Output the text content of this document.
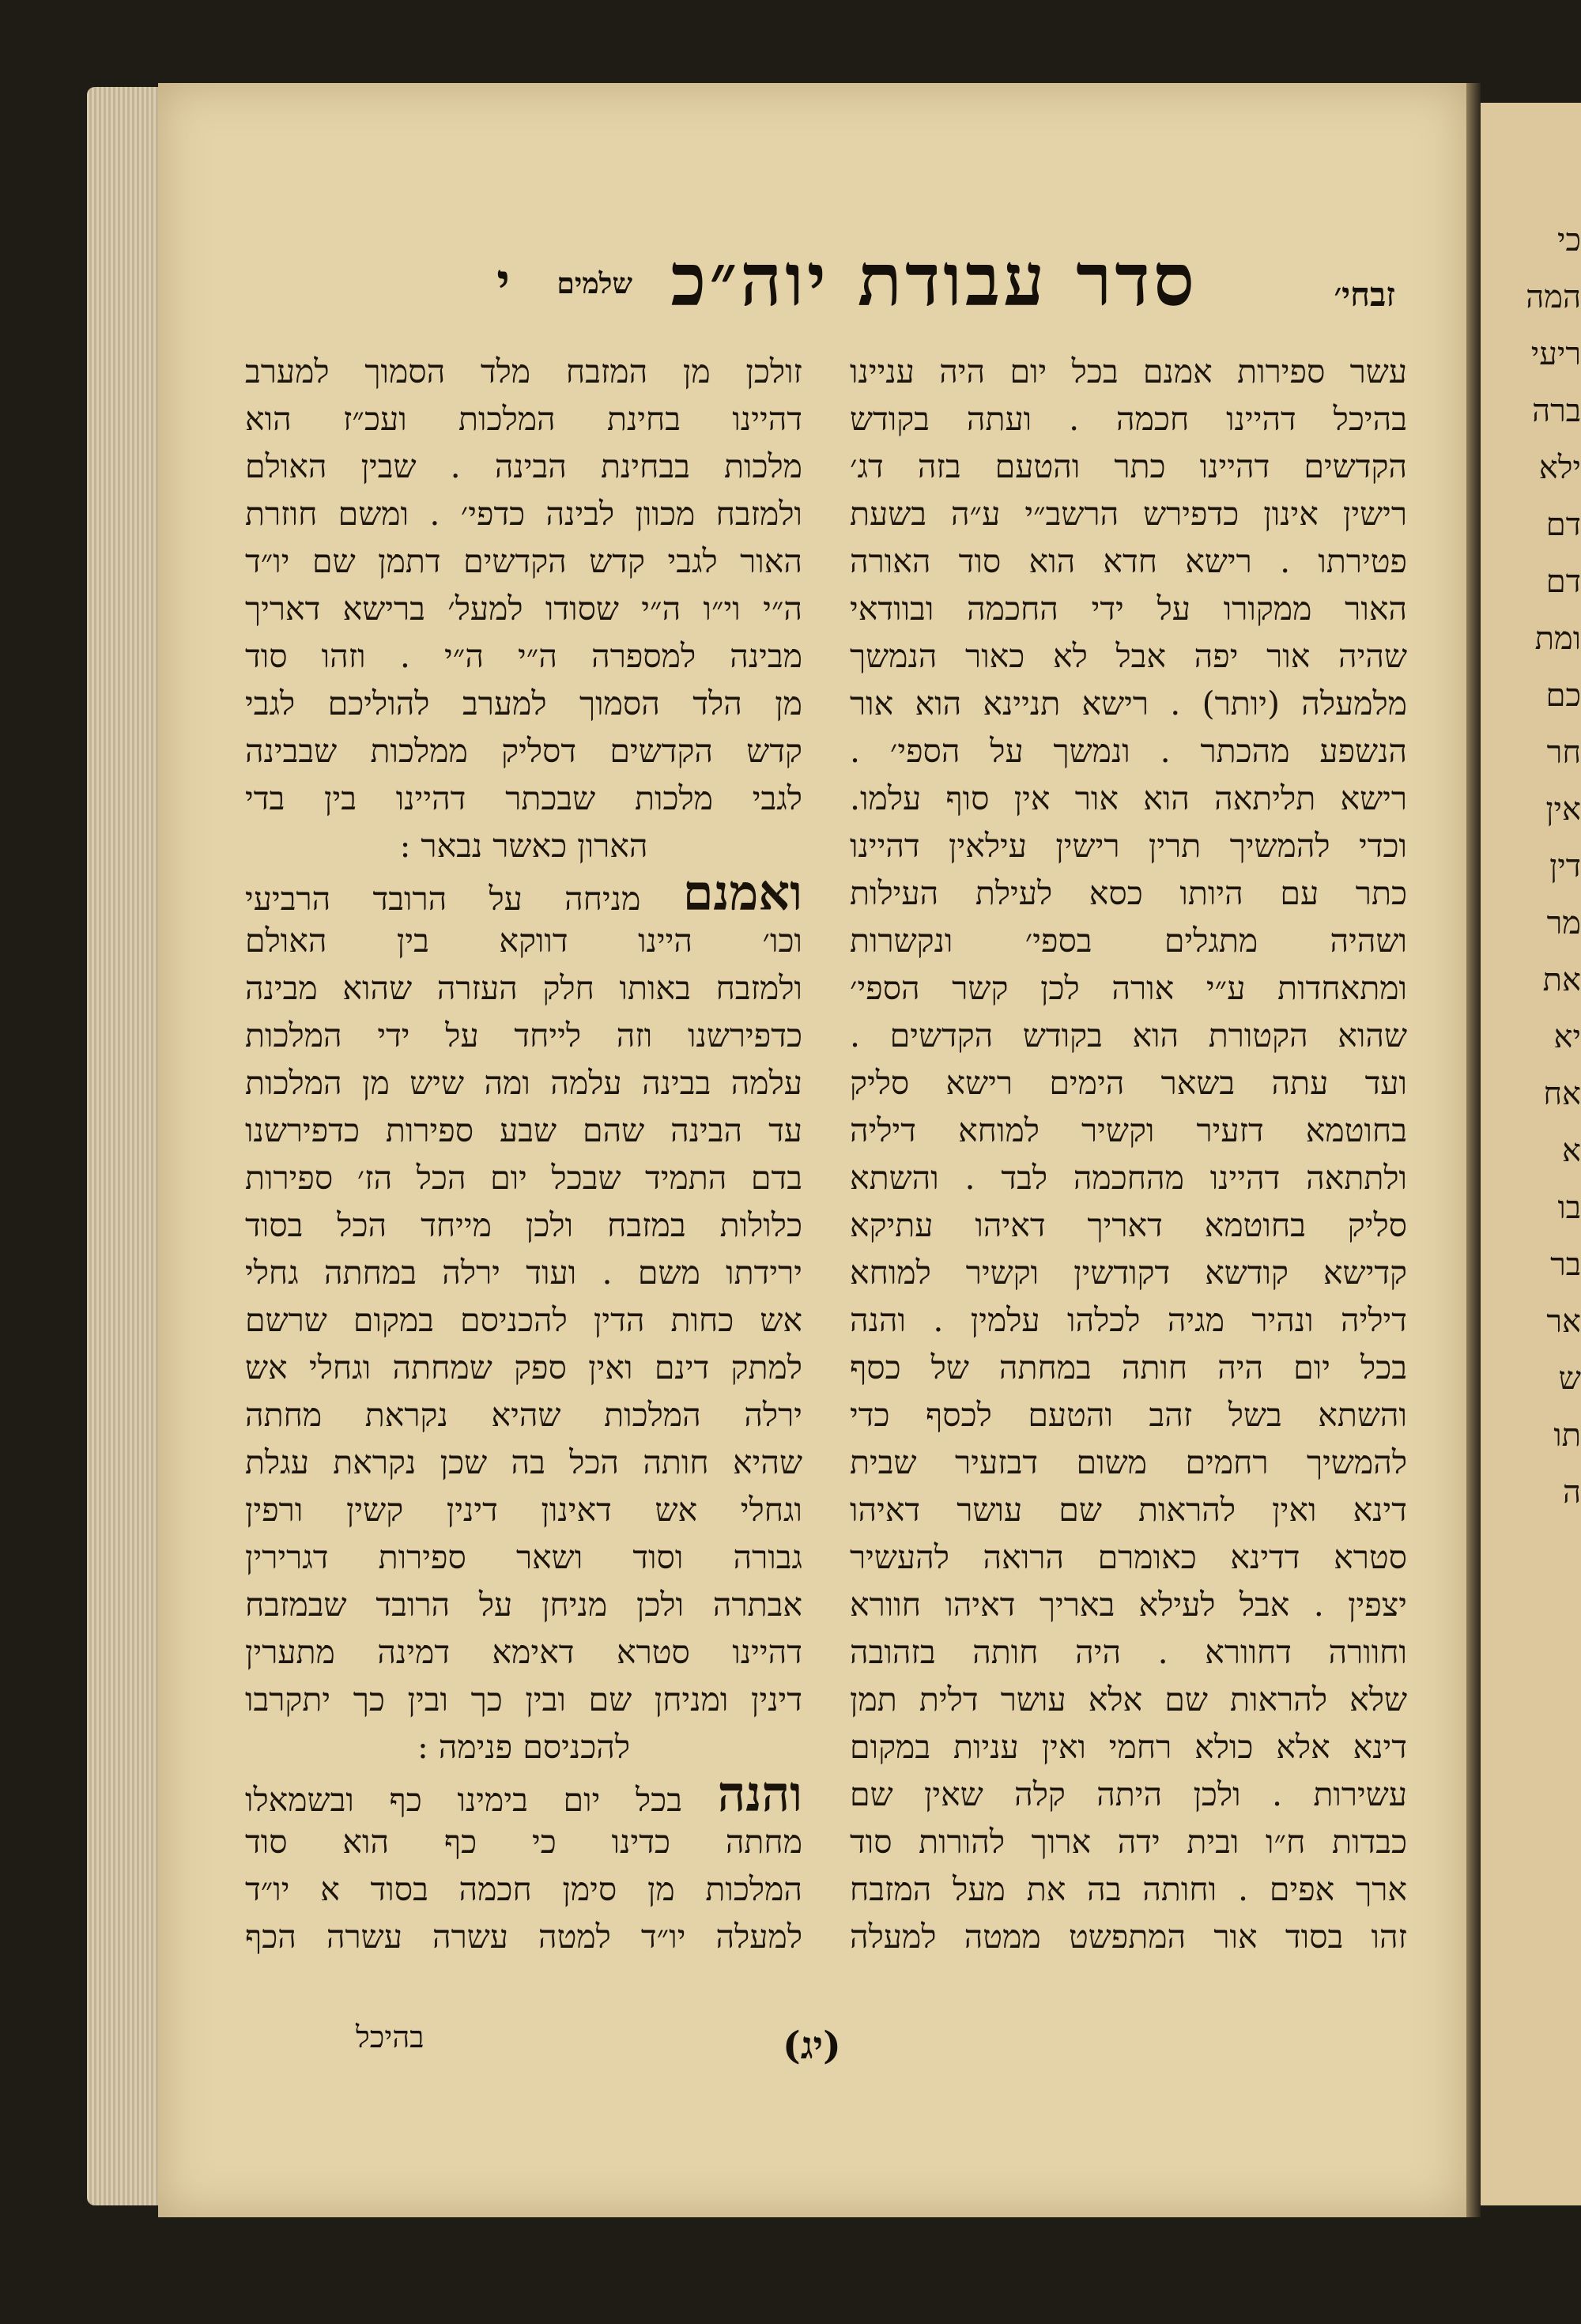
כי
המה
ריעי
ברה
ילא
דם
דם
ומת
כם
חר
אין
דין
מר
את
יא
אח
א
בו
בר
אר
ש
תו
ה
זבחי׳
סדר עבודת יוה״כ
שלמים
י
עשר ספירות אמנם בכל יום היה עניינו
בהיכל דהיינו חכמה . ועתה בקודש
הקדשים דהיינו כתר והטעם בזה דג׳
רישין אינון כדפירש הרשב״י ע״ה בשעת
פטירתו . רישא חדא הוא סוד האורה
האור ממקורו על ידי החכמה ובוודאי
שהיה אור יפה אבל לא כאור הנמשך
מלמעלה (יותר) . רישא תניינא הוא אור
הנשפע מהכתר . ונמשך על הספי׳ .
רישא תליתאה הוא אור אין סוף עלמו.
וכדי להמשיך תרין רישין עילאין דהיינו
כתר עם היותו כסא לעילת העילות
ושהיה מתגלים בספי׳ ונקשרות
ומתאחדות ע״י אורה לכן קשר הספי׳
שהוא הקטורת הוא בקודש הקדשים .
ועד עתה בשאר הימים רישא סליק
בחוטמא דזעיר וקשיר למוחא דיליה
ולתתאה דהיינו מהחכמה לבד . והשתא
סליק בחוטמא דאריך דאיהו עתיקא
קדישא קודשא דקודשין וקשיר למוחא
דיליה ונהיר מגיה לכלהו עלמין . והנה
בכל יום היה חותה במחתה של כסף
והשתא בשל זהב והטעם לכסף כדי
להמשיך רחמים משום דבזעיר שבית
דינא ואין להראות שם עושר דאיהו
סטרא דדינא כאומרם הרואה להעשיר
יצפין . אבל לעילא באריך דאיהו חוורא
וחוורה דחוורא . היה חותה בזהובה
שלא להראות שם אלא עושר דלית תמן
דינא אלא כולא רחמי ואין עניות במקום
עשירות . ולכן היתה קלה שאין שם
כבדות ח״ו ובית ידה ארוך להורות סוד
ארך אפים . וחותה בה את מעל המזבח
זהו בסוד אור המתפשט ממטה למעלה
זולכן מן המזבח מלד הסמוך למערב
דהיינו בחינת המלכות ועכ״ז הוא
מלכות בבחינת הבינה . שבין האולם
ולמזבח מכוון לבינה כדפי׳ . ומשם חוזרת
האור לגבי קדש הקדשים דתמן שם יו״ד
ה״י וי״ו ה״י שסודו למעל׳ ברישא דאריך
מבינה למספרה ה״י ה״י . וזהו סוד
מן הלד הסמוך למערב להוליכם לגבי
קדש הקדשים דסליק ממלכות שבבינה
לגבי מלכות שבכתר דהיינו בין בדי
הארון כאשר נבאר :
ואמנם מניחה על הרובד הרביעי
וכו׳ היינו דווקא בין האולם
ולמזבח באותו חלק העזרה שהוא מבינה
כדפירשנו וזה לייחד על ידי המלכות
עלמה בבינה עלמה ומה שיש מן המלכות
עד הבינה שהם שבע ספירות כדפירשנו
בדם התמיד שבכל יום הכל הז׳ ספירות
כלולות במזבח ולכן מייחד הכל בסוד
ירידתו משם . ועוד ירלה במחתה גחלי
אש כחות הדין להכניסם במקום שרשם
למתק דינם ואין ספק שמחתה וגחלי אש
ירלה המלכות שהיא נקראת מחתה
שהיא חותה הכל בה שכן נקראת עגלת
וגחלי אש דאינון דינין קשין ורפין
גבורה וסוד ושאר ספירות דגרירין
אבתרה ולכן מניחן על הרובד שבמזבח
דהיינו סטרא דאימא דמינה מתערין
דינין ומניחן שם ובין כך ובין כך יתקרבו
להכניסם פנימה :
והנה בכל יום בימינו כף ובשמאלו
מחתה כדינו כי כף הוא סוד
המלכות מן סימן חכמה בסוד א יו״ד
למעלה יו״ד למטה עשרה עשרה הכף
בהיכל	(יג)
